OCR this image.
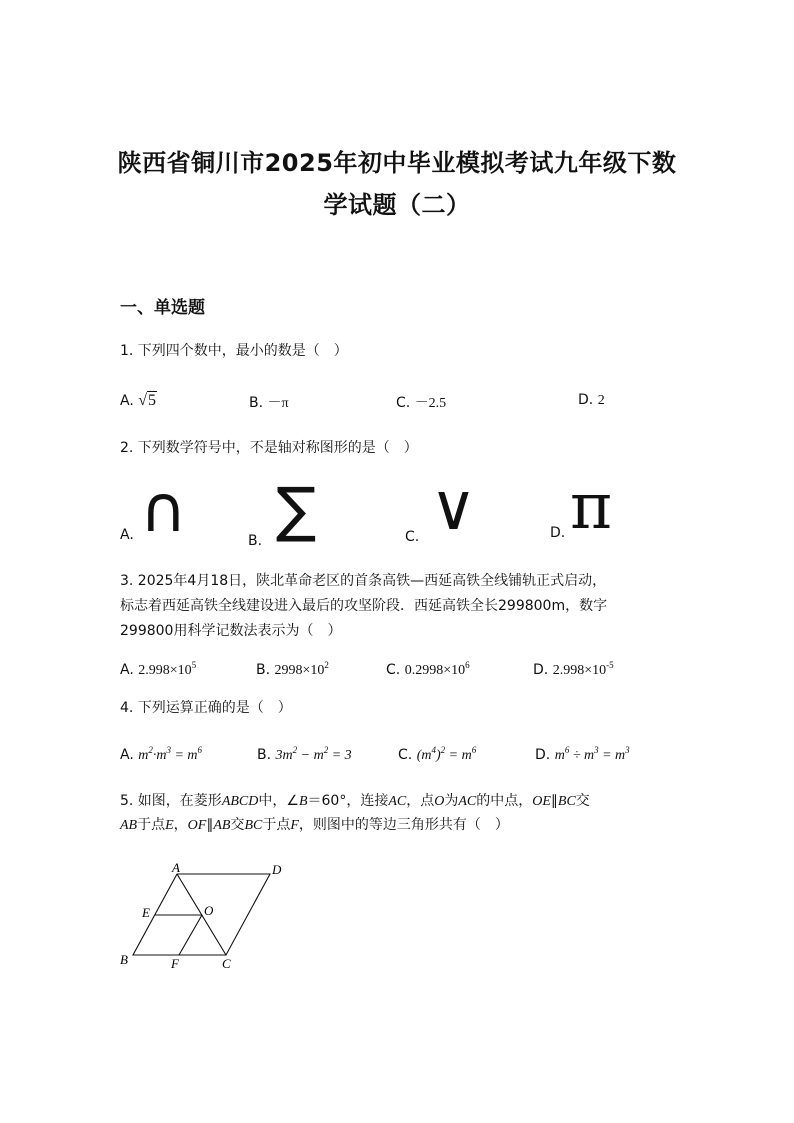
陕西省铜川市2025年初中毕业模拟考试九年级下数
学试题（二）
一、单选题
1. 下列四个数中，最小的数是（　）
A. √5	B. －π	C. －2.5	D. 2
2. 下列数学符号中，不是轴对称图形的是（　）
A. ∩	B. ∑	C. ∨	D. π
3. 2025年4月18日，陕北革命老区的首条高铁—西延高铁全线铺轨正式启动，
标志着西延高铁全线建设进入最后的攻坚阶段．西延高铁全长299800m，数字
299800用科学记数法表示为（　）
A. $2.998\times 10^5$	B. $2998\times 10^2$	C. $0.2998\times 10^6$	D. $2.998\times 10^{-5}$
4. 下列运算正确的是（　）
A. $m^2\cdot m^3 = m^6$	B. $3m^2 - m^2 = 3$	C. $(m^4)^2 = m^6$	D. $m^6 \div m^3 = m^3$
5. 如图，在菱形ABCD中，∠B＝60°，连接AC，点O为AC的中点，OE∥BC交
AB于点E，OF∥AB交BC于点F，则图中的等边三角形共有（　）
A	D
E	O
B	F	C
